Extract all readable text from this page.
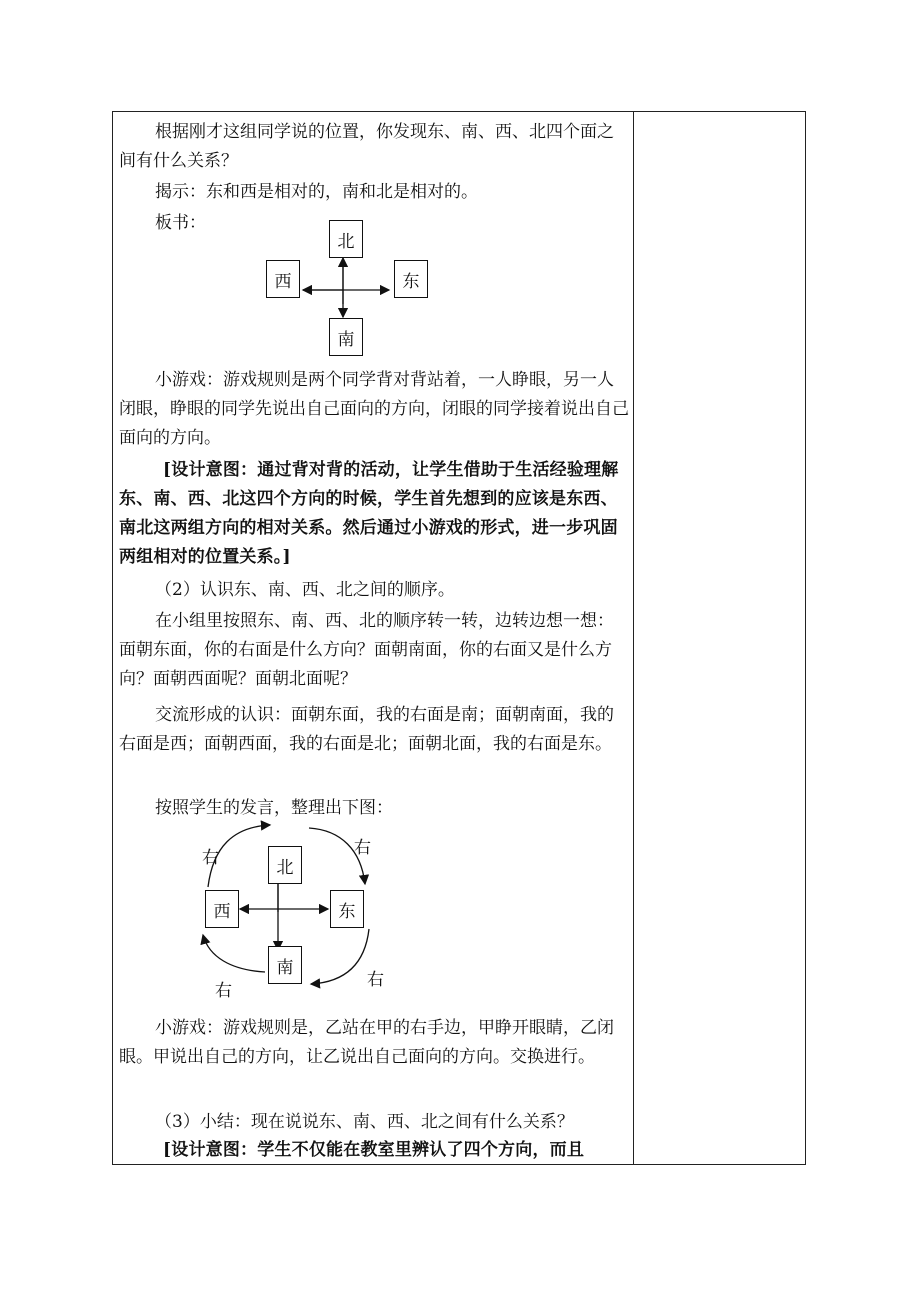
根据刚才这组同学说的位置，你发现东、南、西、北四个面之间有什么关系？

揭示：东和西是相对的，南和北是相对的。

板书：

北
西	东
南

小游戏：游戏规则是两个同学背对背站着，一人睁眼，另一人闭眼，睁眼的同学先说出自己面向的方向，闭眼的同学接着说出自己面向的方向。

[设计意图：通过背对背的活动，让学生借助于生活经验理解东、南、西、北这四个方向的时候，学生首先想到的应该是东西、南北这两组方向的相对关系。然后通过小游戏的形式，进一步巩固两组相对的位置关系。]

（2）认识东、南、西、北之间的顺序。

在小组里按照东、南、西、北的顺序转一转，边转边想一想：面朝东面，你的右面是什么方向？面朝南面，你的右面又是什么方向？面朝西面呢？面朝北面呢？

交流形成的认识：面朝东面，我的右面是南；面朝南面，我的右面是西；面朝西面，我的右面是北；面朝北面，我的右面是东。

按照学生的发言，整理出下图：

北
西	东
南
右	右
右
右

小游戏：游戏规则是，乙站在甲的右手边，甲睁开眼睛，乙闭眼。甲说出自己的方向，让乙说出自己面向的方向。交换进行。

（3）小结：现在说说东、南、西、北之间有什么关系？

[设计意图：学生不仅能在教室里辨认了四个方向，而且
